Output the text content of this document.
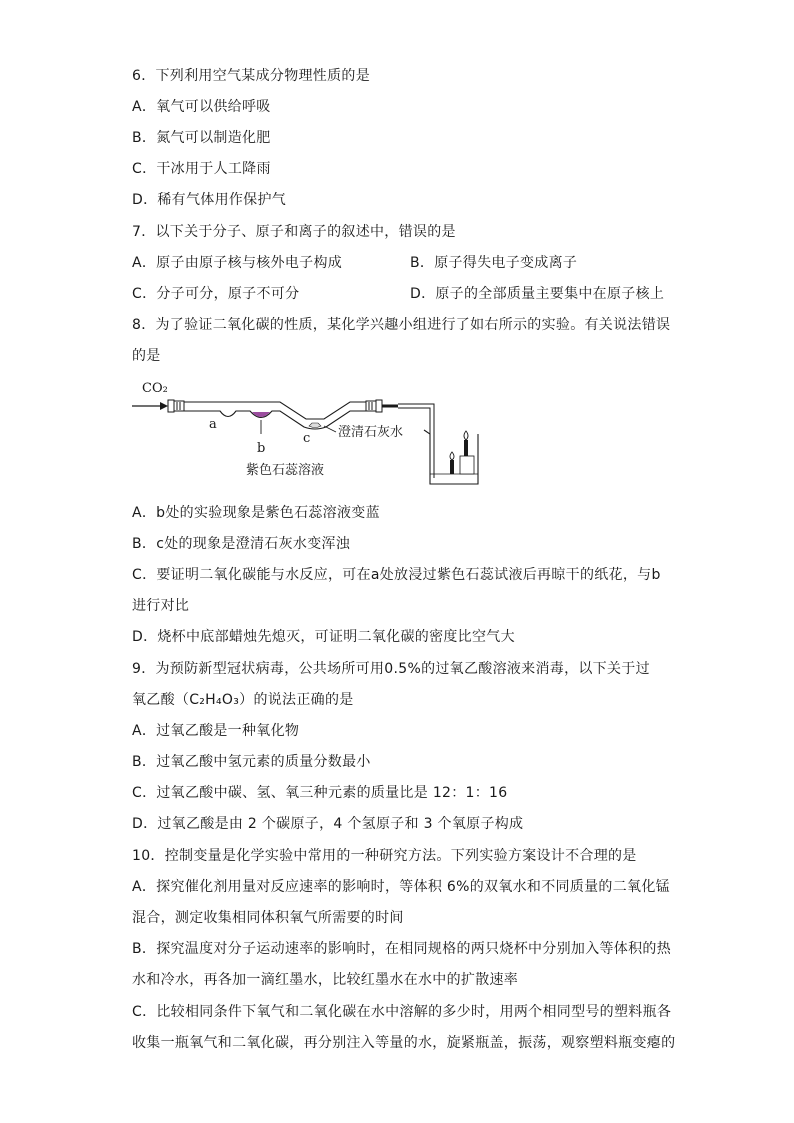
6．下列利用空气某成分物理性质的是
A．氧气可以供给呼吸
B．氮气可以制造化肥
C．干冰用于人工降雨
D．稀有气体用作保护气
7．以下关于分子、原子和离子的叙述中，错误的是
A．原子由原子核与核外电子构成	B．原子得失电子变成离子
C．分子可分，原子不可分	D．原子的全部质量主要集中在原子核上
8．为了验证二氧化碳的性质，某化学兴趣小组进行了如右所示的实验。有关说法错误
的是
CO₂
a
b
c 澄清石灰水
紫色石蕊溶液
A．b处的实验现象是紫色石蕊溶液变蓝
B．c处的现象是澄清石灰水变浑浊
C．要证明二氧化碳能与水反应，可在a处放浸过紫色石蕊试液后再晾干的纸花，与b
进行对比
D．烧杯中底部蜡烛先熄灭，可证明二氧化碳的密度比空气大
9．为预防新型冠状病毒，公共场所可用0.5%的过氧乙酸溶液来消毒，以下关于过
氧乙酸（C₂H₄O₃）的说法正确的是
A．过氧乙酸是一种氧化物
B．过氧乙酸中氢元素的质量分数最小
C．过氧乙酸中碳、氢、氧三种元素的质量比是 12：1：16
D．过氧乙酸是由 2 个碳原子，4 个氢原子和 3 个氧原子构成
10．控制变量是化学实验中常用的一种研究方法。下列实验方案设计不合理的是
A．探究催化剂用量对反应速率的影响时，等体积 6%的双氧水和不同质量的二氧化锰
混合，测定收集相同体积氧气所需要的时间
B．探究温度对分子运动速率的影响时，在相同规格的两只烧杯中分别加入等体积的热
水和冷水，再各加一滴红墨水，比较红墨水在水中的扩散速率
C．比较相同条件下氧气和二氧化碳在水中溶解的多少时，用两个相同型号的塑料瓶各
收集一瓶氧气和二氧化碳，再分别注入等量的水，旋紧瓶盖，振荡，观察塑料瓶变瘪的
